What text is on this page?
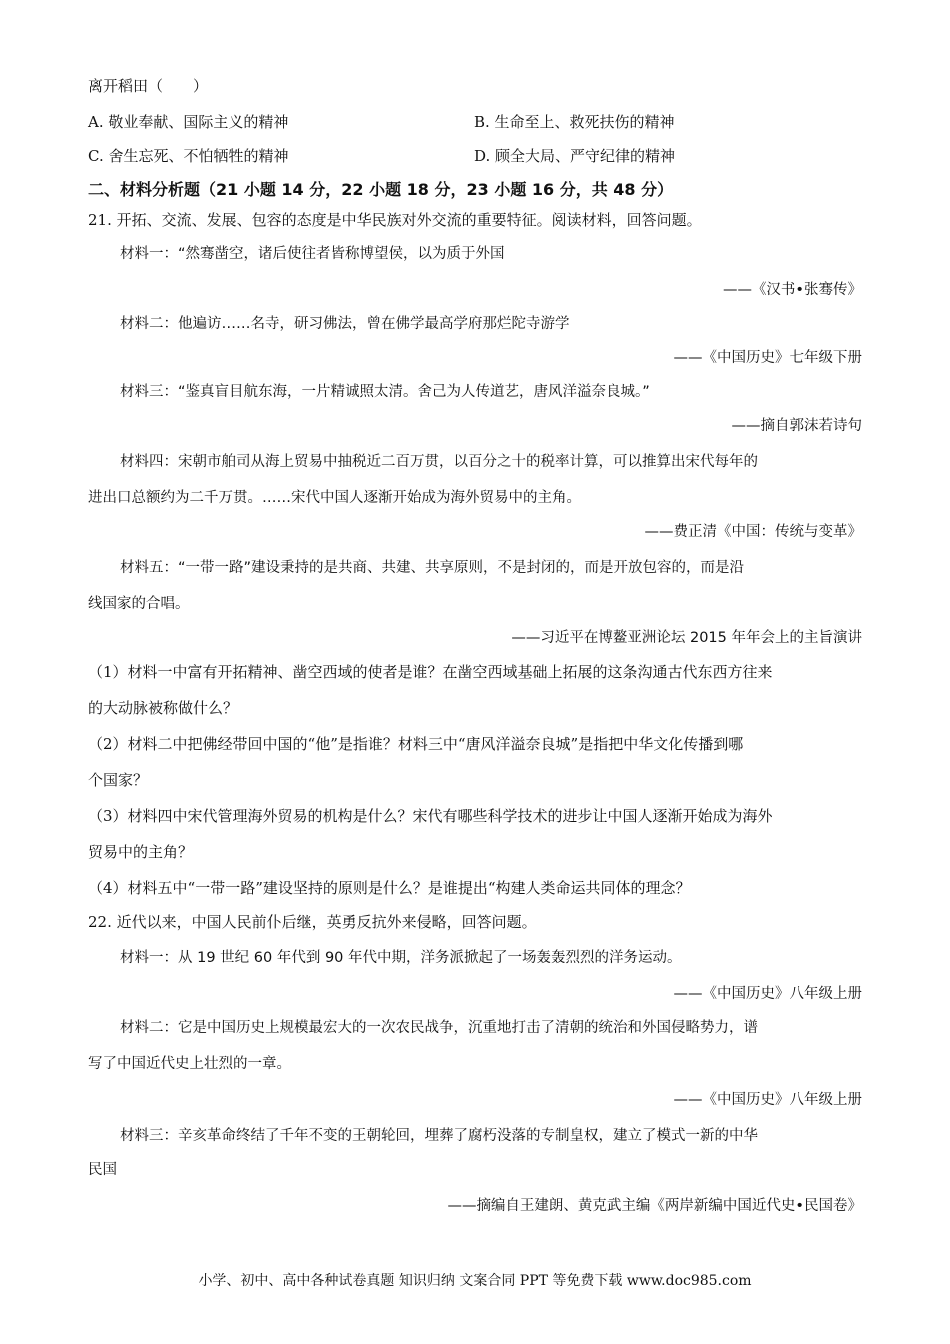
离开稻田（　　）
A. 敬业奉献、国际主义的精神	B. 生命至上、救死扶伤的精神
C. 舍生忘死、不怕牺牲的精神	D. 顾全大局、严守纪律的精神
二、材料分析题（21 小题 14 分，22 小题 18 分，23 小题 16 分，共 48 分）
21. 开拓、交流、发展、包容的态度是中华民族对外交流的重要特征。阅读材料，回答问题。
材料一：“然骞凿空，诸后使往者皆称博望侯，以为质于外国
——《汉书•张骞传》
材料二：他遍访……名寺，研习佛法，曾在佛学最高学府那烂陀寺游学
——《中国历史》七年级下册
材料三：“鉴真盲目航东海，一片精诚照太清。舍己为人传道艺，唐风洋溢奈良城。”
——摘自郭沫若诗句
材料四：宋朝市舶司从海上贸易中抽税近二百万贯，以百分之十的税率计算，可以推算出宋代每年的
进出口总额约为二千万贯。……宋代中国人逐渐开始成为海外贸易中的主角。
——费正清《中国：传统与变革》
材料五：“一带一路”建设秉持的是共商、共建、共享原则，不是封闭的，而是开放包容的，而是沿
线国家的合唱。
——习近平在博鳌亚洲论坛 2015 年年会上的主旨演讲
（1）材料一中富有开拓精神、凿空西域的使者是谁？在凿空西域基础上拓展的这条沟通古代东西方往来
的大动脉被称做什么？
（2）材料二中把佛经带回中国的“他”是指谁？材料三中“唐风洋溢奈良城”是指把中华文化传播到哪
个国家？
（3）材料四中宋代管理海外贸易的机构是什么？宋代有哪些科学技术的进步让中国人逐渐开始成为海外
贸易中的主角？
（4）材料五中“一带一路”建设坚持的原则是什么？是谁提出“构建人类命运共同体的理念？
22. 近代以来，中国人民前仆后继，英勇反抗外来侵略，回答问题。
材料一：从 19 世纪 60 年代到 90 年代中期，洋务派掀起了一场轰轰烈烈的洋务运动。
——《中国历史》八年级上册
材料二：它是中国历史上规模最宏大的一次农民战争，沉重地打击了清朝的统治和外国侵略势力，谱
写了中国近代史上壮烈的一章。
——《中国历史》八年级上册
材料三：辛亥革命终结了千年不变的王朝轮回，埋葬了腐朽没落的专制皇权，建立了模式一新的中华
民国
——摘编自王建朗、黄克武主编《两岸新编中国近代史•民国卷》
小学、初中、高中各种试卷真题 知识归纳 文案合同 PPT 等免费下载 www.doc985.com
